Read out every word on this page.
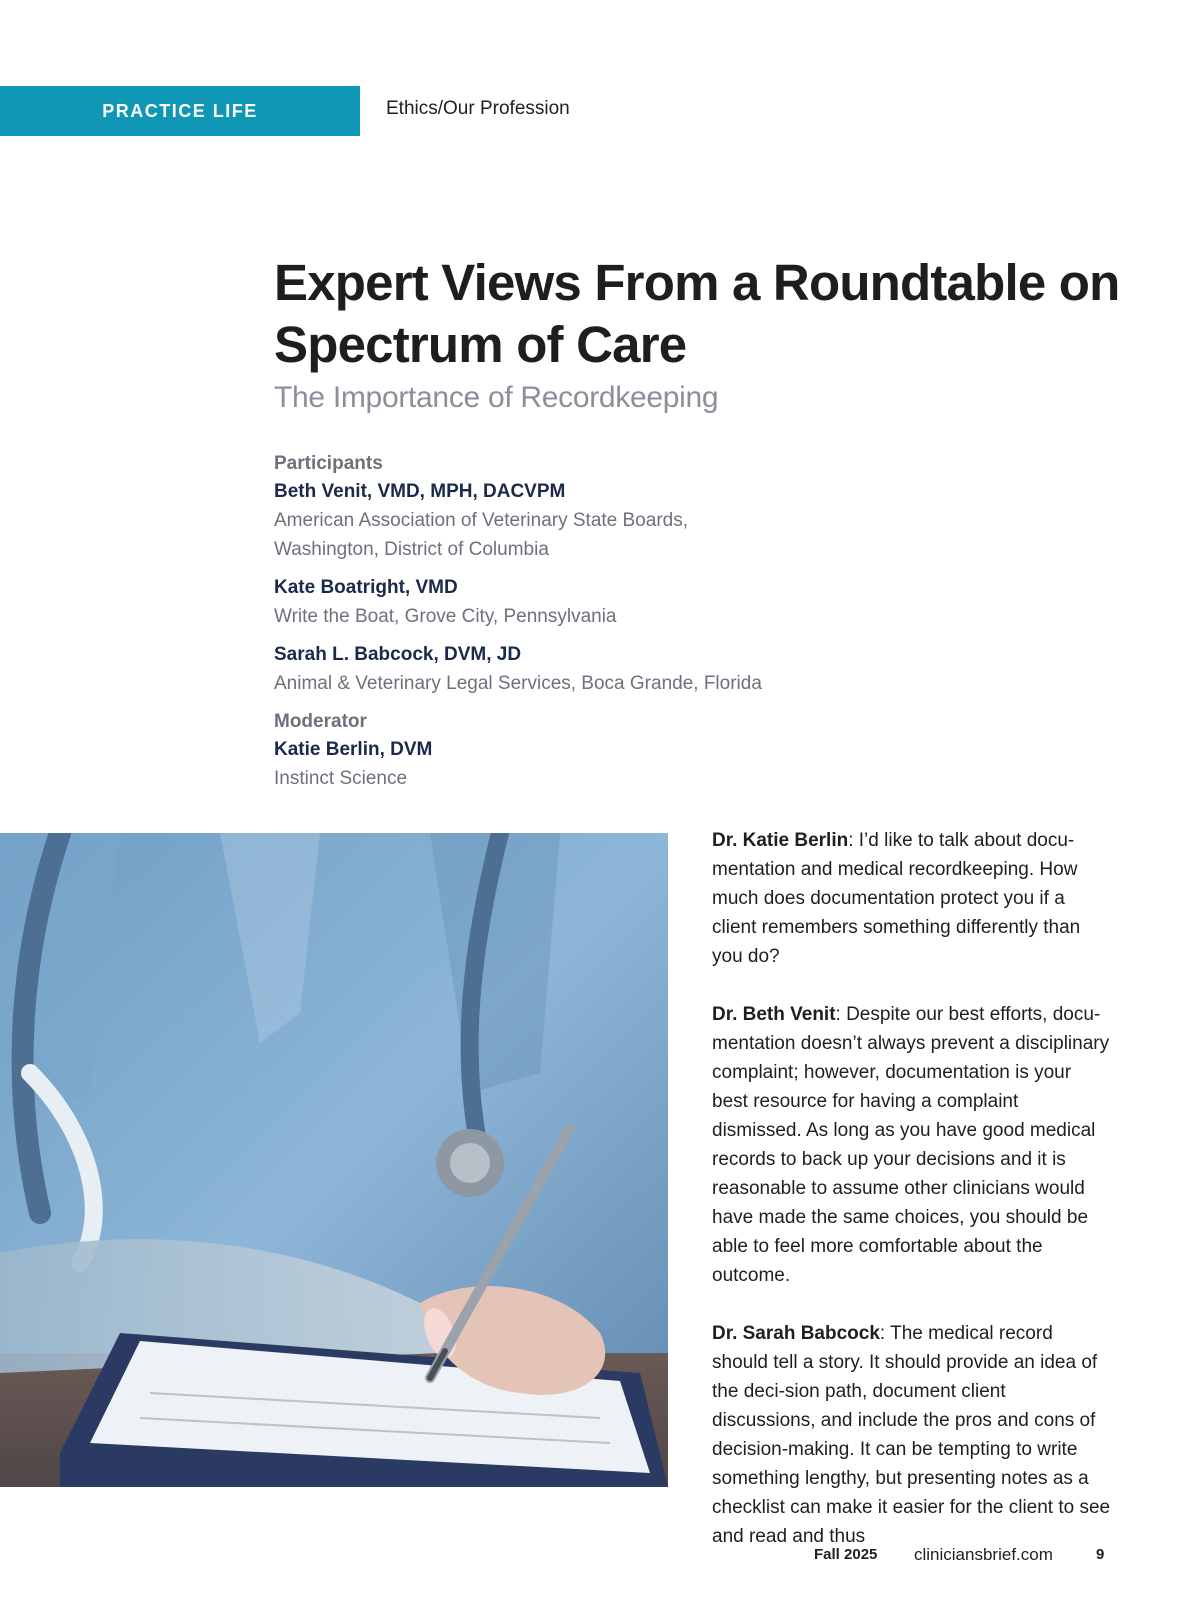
PRACTICE LIFE	Ethics/Our Profession
Expert Views From a Roundtable on Spectrum of Care
The Importance of Recordkeeping
Participants
Beth Venit, VMD, MPH, DACVPM
American Association of Veterinary State Boards,
Washington, District of Columbia
Kate Boatright, VMD
Write the Boat, Grove City, Pennsylvania
Sarah L. Babcock, DVM, JD
Animal & Veterinary Legal Services, Boca Grande, Florida
Moderator
Katie Berlin, DVM
Instinct Science

Dr. Katie Berlin: I’d like to talk about docu-mentation and medical recordkeeping. How much does documentation protect you if a client remembers something differently than you do?

Dr. Beth Venit: Despite our best efforts, docu-mentation doesn’t always prevent a disciplinary complaint; however, documentation is your best resource for having a complaint dismissed. As long as you have good medical records to back up your decisions and it is reasonable to assume other clinicians would have made the same choices, you should be able to feel more comfortable about the outcome.

Dr. Sarah Babcock: The medical record should tell a story. It should provide an idea of the deci-sion path, document client discussions, and include the pros and cons of decision-making. It can be tempting to write something lengthy, but presenting notes as a checklist can make it easier for the client to see and read and thus

Fall 2025 cliniciansbrief.com	9
